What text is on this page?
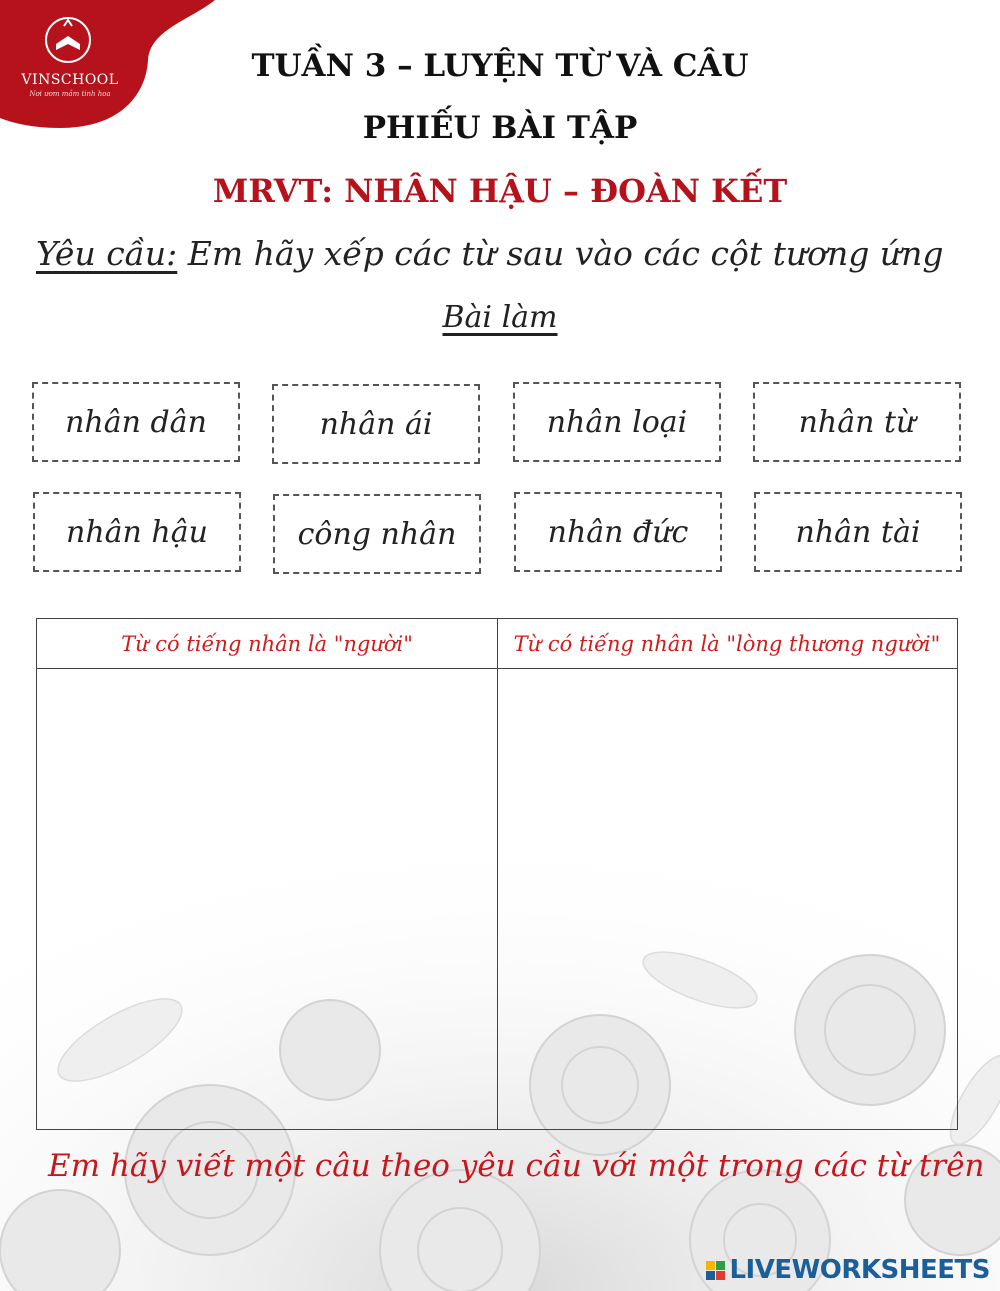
VINSCHOOL
Nơi ươm mầm tinh hoa
TUẦN 3 – LUYỆN TỪ VÀ CÂU
PHIẾU BÀI TẬP
MRVT: NHÂN HẬU – ĐOÀN KẾT
Yêu cầu: Em hãy xếp các từ sau vào các cột tương ứng
Bài làm
nhân dân	nhân ái	nhân loại	nhân từ
nhân hậu	công nhân	nhân đức	nhân tài
Từ có tiếng nhân là "người"	Từ có tiếng nhân là "lòng thương người"
Em hãy viết một câu theo yêu cầu với một trong các từ trên
LIVEWORKSHEETS
